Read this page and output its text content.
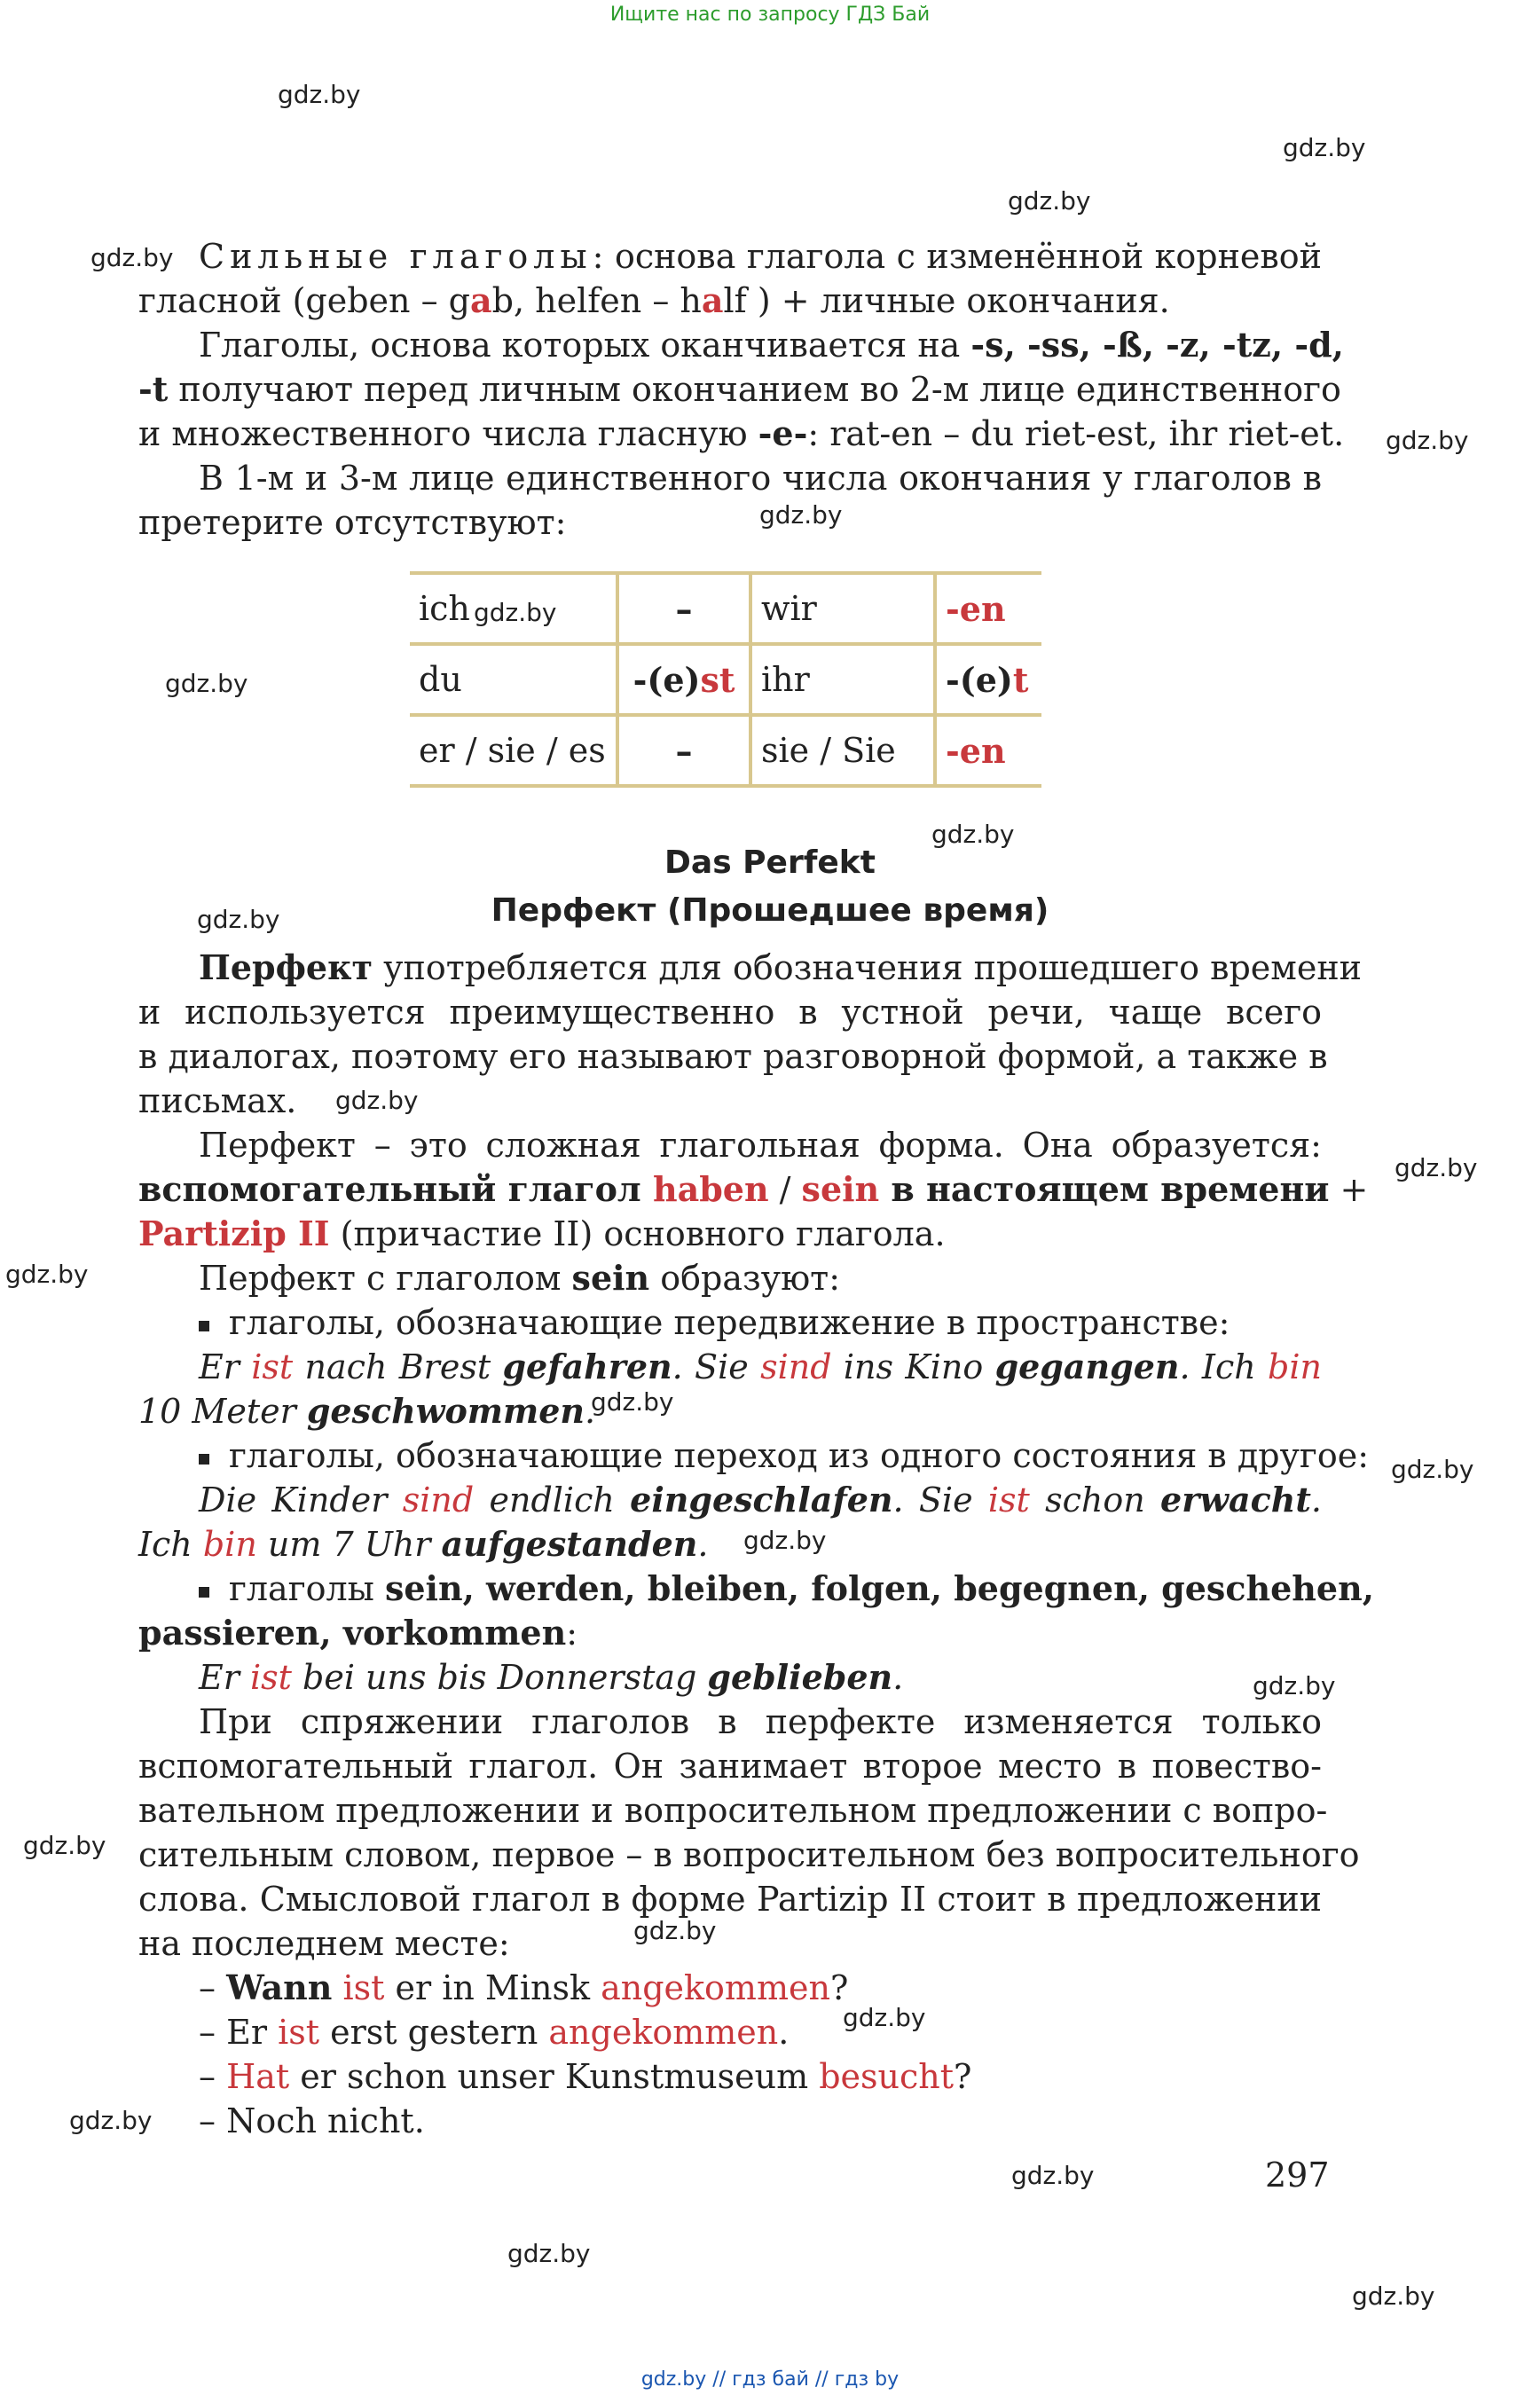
Ищите нас по запросу ГДЗ Бай
gdz.by
gdz.by
gdz.by
gdz.by
gdz.by
gdz.by
gdz.by
gdz.by
gdz.by
gdz.by
gdz.by
gdz.by
gdz.by
gdz.by
gdz.by
gdz.by
gdz.by
gdz.by
gdz.by
gdz.by
gdz.by
gdz.by
gdz.by
gdz.by
Сильные глаголы: основа глагола с изменённой корневой
гласной (geben – gab, helfen – half ) + личные окончания.
Глаголы, основа которых оканчивается на -s, -ss, -ß, -z, -tz, -d,
-t получают перед личным окончанием во 2-м лице единственного
и множественного числа гласную -e-: rat-en – du riet-est, ihr riet-et.
В 1-м и 3-м лице единственного числа окончания у глаголов в
претерите отсутствуют:
ich	–	wir	-en
du	-(e)st	ihr	-(e)t
er / sie / es	–	sie / Sie	-en
Das Perfekt
Перфект (Прошедшее время)
Перфект употребляется для обозначения прошедшего времени
и используется преимущественно в устной речи, чаще всего
в диалогах, поэтому его называют разговорной формой, а также в
письмах.
Перфект – это сложная глагольная форма. Она образуется:
вспомогательный глагол haben / sein в настоящем времени +
Partizip II (причастие II) основного глагола.
Перфект с глаголом sein образуют:
глаголы, обозначающие передвижение в пространстве:
Er ist nach Brest gefahren. Sie sind ins Kino gegangen. Ich bin
10 Meter geschwommen.
глаголы, обозначающие переход из одного состояния в другое:
Die Kinder sind endlich eingeschlafen. Sie ist schon erwacht.
Ich bin um 7 Uhr aufgestanden.
глаголы sein, werden, bleiben, folgen, begegnen, geschehen,
passieren, vorkommen:
Er ist bei uns bis Donnerstag geblieben.
При спряжении глаголов в перфекте изменяется только
вспомогательный глагол. Он занимает второе место в повество-
вательном предложении и вопросительном предложении с вопро-
сительным словом, первое – в вопросительном без вопросительного
слова. Смысловой глагол в форме Partizip II стоит в предложении
на последнем месте:
– Wann ist er in Minsk angekommen?
– Er ist erst gestern angekommen.
– Hat er schon unser Kunstmuseum besucht?
– Noch nicht.
297
gdz.by // гдз бай // гдз by
